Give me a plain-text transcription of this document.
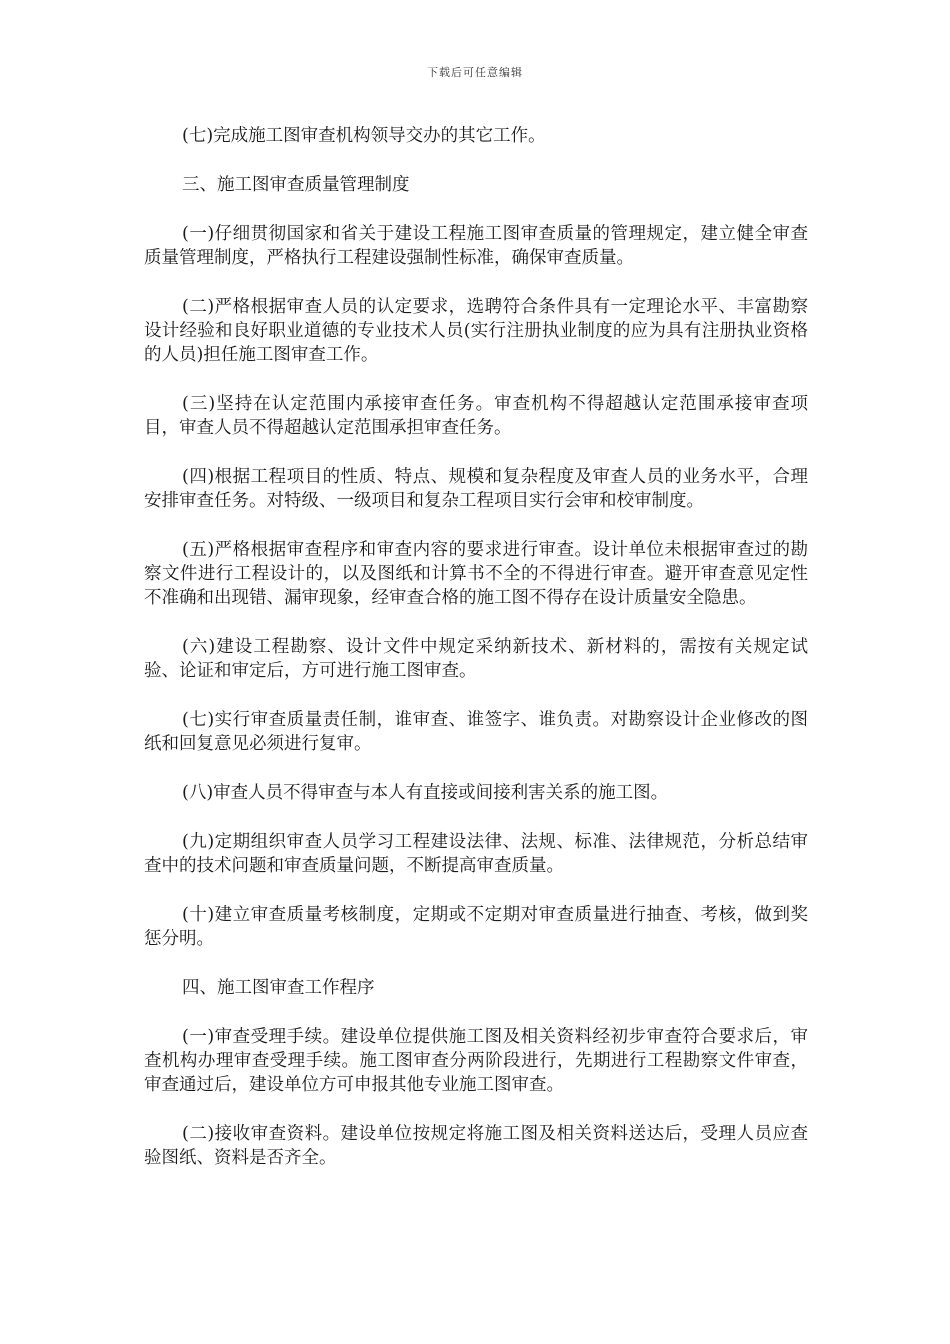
下载后可任意编辑

(七)完成施工图审查机构领导交办的其它工作。

三、施工图审查质量管理制度

(一)仔细贯彻国家和省关于建设工程施工图审查质量的管理规定，建立健全审查质量管理制度，严格执行工程建设强制性标准，确保审查质量。

(二)严格根据审查人员的认定要求，选聘符合条件具有一定理论水平、丰富勘察设计经验和良好职业道德的专业技术人员(实行注册执业制度的应为具有注册执业资格的人员)担任施工图审查工作。

(三)坚持在认定范围内承接审查任务。审查机构不得超越认定范围承接审查项目，审查人员不得超越认定范围承担审查任务。

(四)根据工程项目的性质、特点、规模和复杂程度及审查人员的业务水平，合理安排审查任务。对特级、一级项目和复杂工程项目实行会审和校审制度。

(五)严格根据审查程序和审查内容的要求进行审查。设计单位未根据审查过的勘察文件进行工程设计的，以及图纸和计算书不全的不得进行审查。避开审查意见定性不准确和出现错、漏审现象，经审查合格的施工图不得存在设计质量安全隐患。

(六)建设工程勘察、设计文件中规定采纳新技术、新材料的，需按有关规定试验、论证和审定后，方可进行施工图审查。

(七)实行审查质量责任制，谁审查、谁签字、谁负责。对勘察设计企业修改的图纸和回复意见必须进行复审。

(八)审查人员不得审查与本人有直接或间接利害关系的施工图。

(九)定期组织审查人员学习工程建设法律、法规、标准、法律规范，分析总结审查中的技术问题和审查质量问题，不断提高审查质量。

(十)建立审查质量考核制度，定期或不定期对审查质量进行抽查、考核，做到奖惩分明。

四、施工图审查工作程序

(一)审查受理手续。建设单位提供施工图及相关资料经初步审查符合要求后，审查机构办理审查受理手续。施工图审查分两阶段进行，先期进行工程勘察文件审查，审查通过后，建设单位方可申报其他专业施工图审查。

(二)接收审查资料。建设单位按规定将施工图及相关资料送达后，受理人员应查验图纸、资料是否齐全。
